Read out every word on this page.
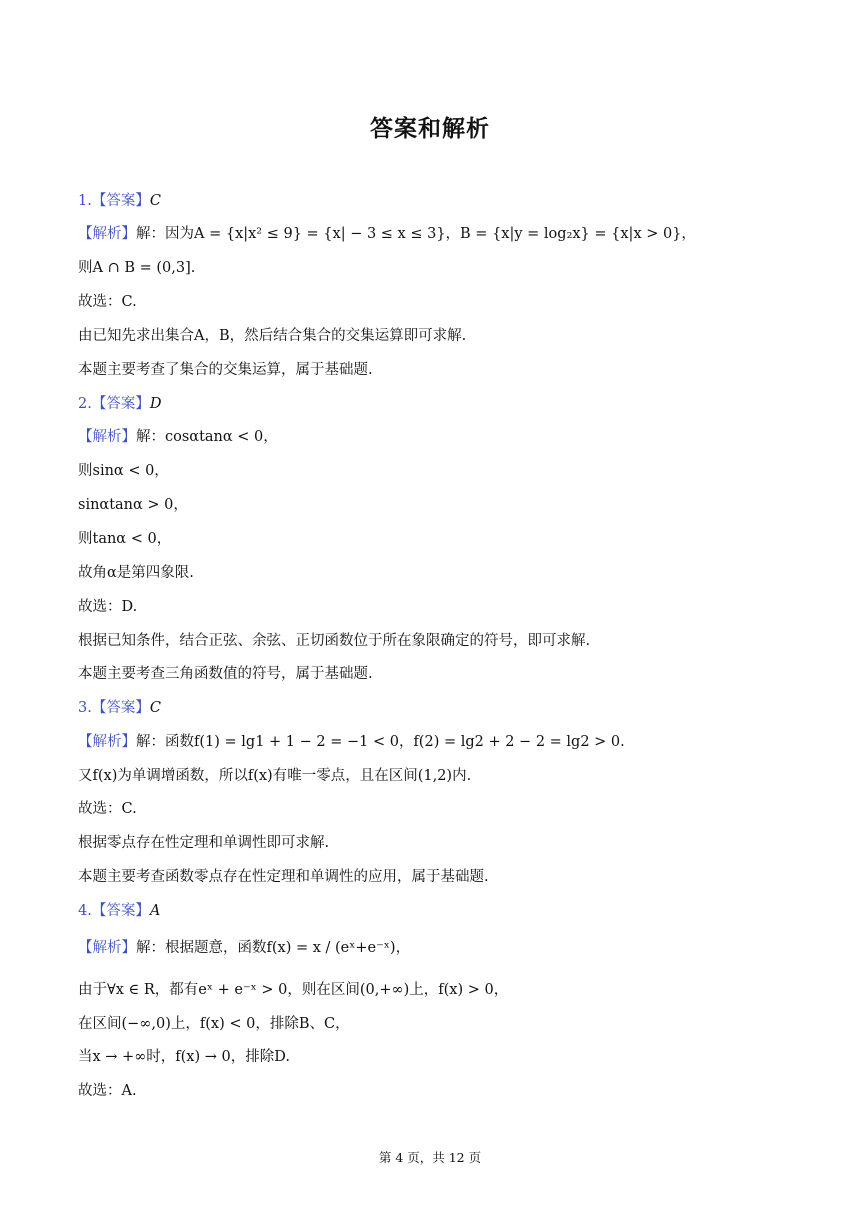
答案和解析
1.【答案】C
【解析】解：因为A = {x|x² ≤ 9} = {x| − 3 ≤ x ≤ 3}，B = {x|y = log₂x} = {x|x > 0}，
则A ∩ B = (0,3].
故选：C.
由已知先求出集合A，B，然后结合集合的交集运算即可求解.
本题主要考查了集合的交集运算，属于基础题.
2.【答案】D
【解析】解：cosαtanα < 0，
则sinα < 0，
sinαtanα > 0，
则tanα < 0，
故角α是第四象限.
故选：D.
根据已知条件，结合正弦、余弦、正切函数位于所在象限确定的符号，即可求解.
本题主要考查三角函数值的符号，属于基础题.
3.【答案】C
【解析】解：函数f(1) = lg1 + 1 − 2 = −1 < 0，f(2) = lg2 + 2 − 2 = lg2 > 0.
又f(x)为单调增函数，所以f(x)有唯一零点，且在区间(1,2)内.
故选：C.
根据零点存在性定理和单调性即可求解.
本题主要考查函数零点存在性定理和单调性的应用，属于基础题.
4.【答案】A
【解析】解：根据题意，函数f(x) = x / (eˣ+e⁻ˣ)，
由于∀x ∈ R，都有eˣ + e⁻ˣ > 0，则在区间(0,+∞)上，f(x) > 0，
在区间(−∞,0)上，f(x) < 0，排除B、C，
当x → +∞时，f(x) → 0，排除D.
故选：A.
第 4 页，共 12 页
